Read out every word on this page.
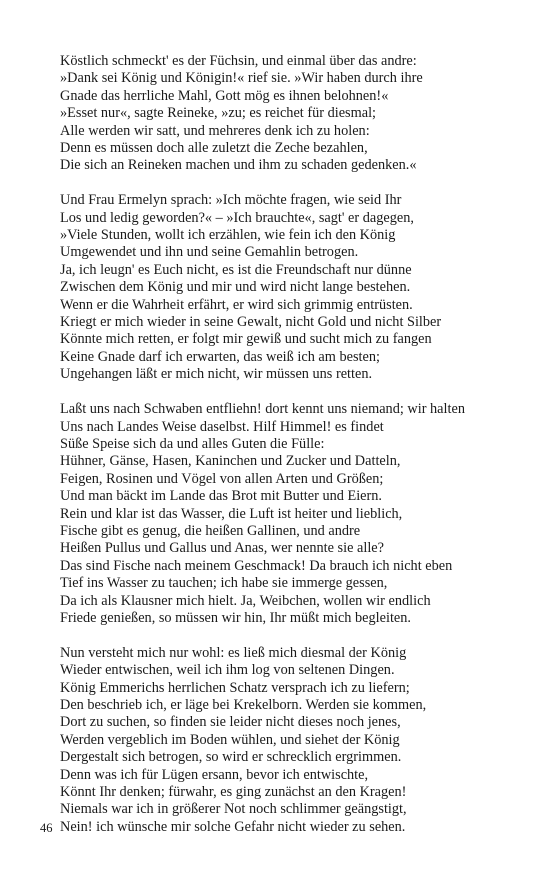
Köstlich schmeckt' es der Füchsin, und einmal über das andre:
»Dank sei König und Königin!« rief sie. »Wir haben durch ihre
Gnade das herrliche Mahl, Gott mög es ihnen belohnen!«
»Esset nur«, sagte Reineke, »zu; es reichet für diesmal;
Alle werden wir satt, und mehreres denk ich zu holen:
Denn es müssen doch alle zuletzt die Zeche bezahlen,
Die sich an Reineken machen und ihm zu schaden gedenken.«
Und Frau Ermelyn sprach: »Ich möchte fragen, wie seid Ihr
Los und ledig geworden?« – »Ich brauchte«, sagt' er dagegen,
»Viele Stunden, wollt ich erzählen, wie fein ich den König
Umgewendet und ihn und seine Gemahlin betrogen.
Ja, ich leugn' es Euch nicht, es ist die Freundschaft nur dünne
Zwischen dem König und mir und wird nicht lange bestehen.
Wenn er die Wahrheit erfährt, er wird sich grimmig entrüsten.
Kriegt er mich wieder in seine Gewalt, nicht Gold und nicht Silber
Könnte mich retten, er folgt mir gewiß und sucht mich zu fangen
Keine Gnade darf ich erwarten, das weiß ich am besten;
Ungehangen läßt er mich nicht, wir müssen uns retten.
Laßt uns nach Schwaben entfliehn! dort kennt uns niemand; wir halten
Uns nach Landes Weise daselbst. Hilf Himmel! es findet
Süße Speise sich da und alles Guten die Fülle:
Hühner, Gänse, Hasen, Kaninchen und Zucker und Datteln,
Feigen, Rosinen und Vögel von allen Arten und Größen;
Und man bäckt im Lande das Brot mit Butter und Eiern.
Rein und klar ist das Wasser, die Luft ist heiter und lieblich,
Fische gibt es genug, die heißen Gallinen, und andre
Heißen Pullus und Gallus und Anas, wer nennte sie alle?
Das sind Fische nach meinem Geschmack! Da brauch ich nicht eben
Tief ins Wasser zu tauchen; ich habe sie immerge gessen,
Da ich als Klausner mich hielt. Ja, Weibchen, wollen wir endlich
Friede genießen, so müssen wir hin, Ihr müßt mich begleiten.
Nun versteht mich nur wohl: es ließ mich diesmal der König
Wieder entwischen, weil ich ihm log von seltenen Dingen.
König Emmerichs herrlichen Schatz versprach ich zu liefern;
Den beschrieb ich, er läge bei Krekelborn. Werden sie kommen,
Dort zu suchen, so finden sie leider nicht dieses noch jenes,
Werden vergeblich im Boden wühlen, und siehet der König
Dergestalt sich betrogen, so wird er schrecklich ergrimmen.
Denn was ich für Lügen ersann, bevor ich entwischte,
Könnt Ihr denken; fürwahr, es ging zunächst an den Kragen!
Niemals war ich in größerer Not noch schlimmer geängstigt,
Nein! ich wünsche mir solche Gefahr nicht wieder zu sehen.
46
